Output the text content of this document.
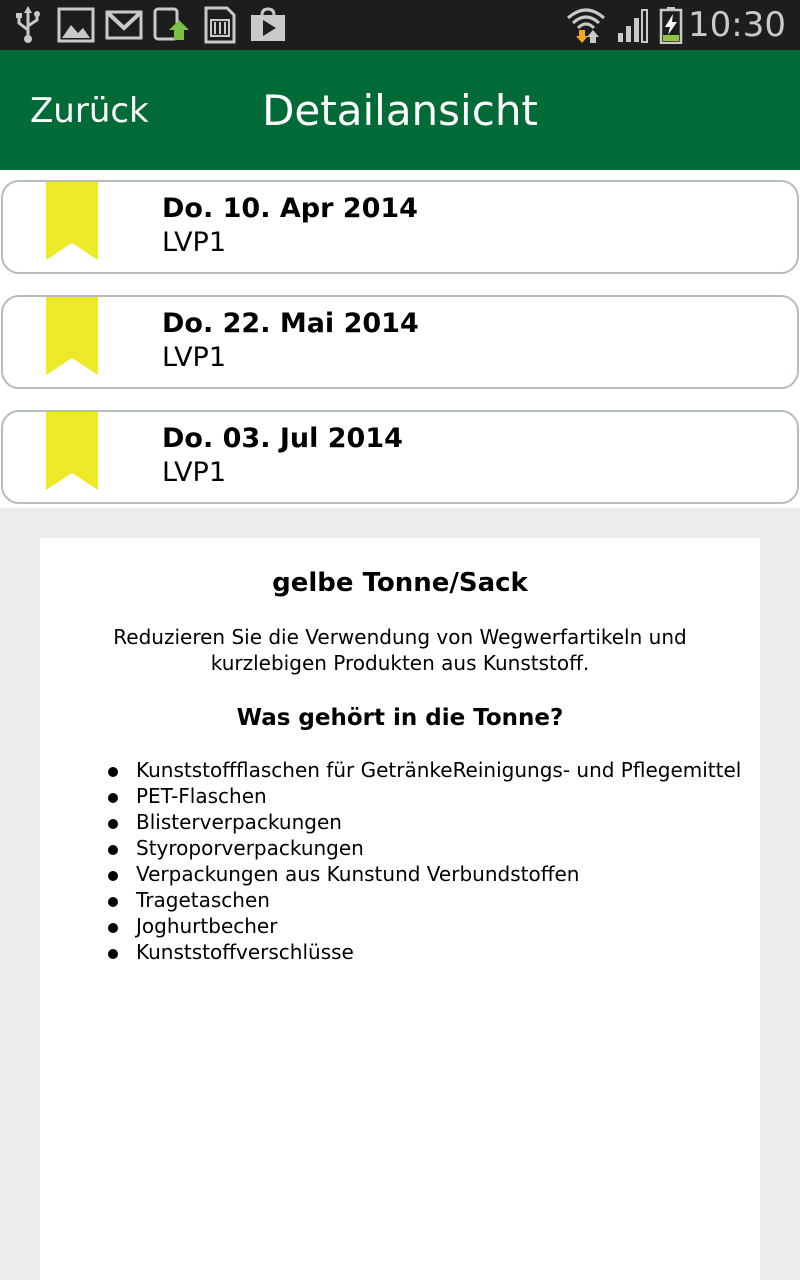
10:30
Zurück	Detailansicht
Do. 10. Apr 2014
LVP1
Do. 22. Mai 2014
LVP1
Do. 03. Jul 2014
LVP1
gelbe Tonne/Sack
Reduzieren Sie die Verwendung von Wegwerfartikeln und kurzlebigen Produkten aus Kunststoff.
Was gehört in die Tonne?
Kunststoffflaschen für GetränkeReinigungs- und Pflegemittel
PET-Flaschen
Blisterverpackungen
Styroporverpackungen
Verpackungen aus Kunstund Verbundstoffen
Tragetaschen
Joghurtbecher
Kunststoffverschlüsse
